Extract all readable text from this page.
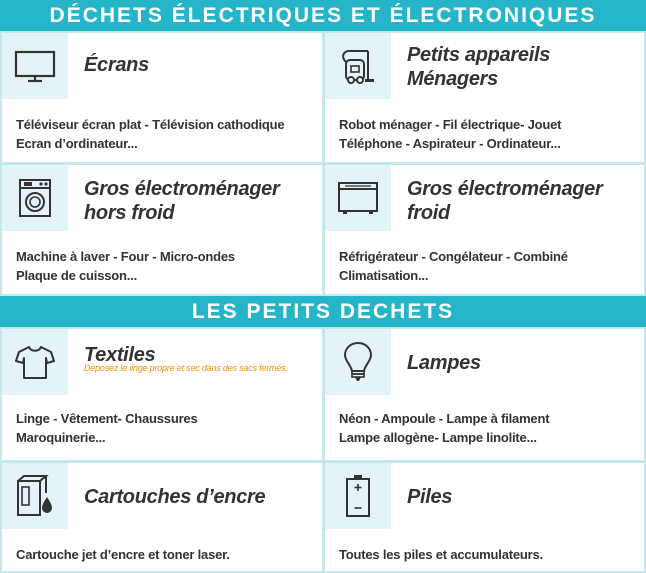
DÉCHETS ÉLECTRIQUES ET ÉLECTRONIQUES
Écrans
Téléviseur écran plat - Télévision cathodique
Ecran d’ordinateur...
Petits appareils
Ménagers
Robot ménager - Fil électrique- Jouet
Téléphone - Aspirateur - Ordinateur...
Gros électroménager
hors froid
Machine à laver - Four - Micro-ondes
Plaque de cuisson...
Gros électroménager
froid
Réfrigérateur - Congélateur - Combiné
Climatisation...
LES PETITS DECHETS
Textiles
Déposez le linge propre et sec dans des sacs fermés.
Linge - Vêtement- Chaussures
Maroquinerie...
Lampes
Néon - Ampoule - Lampe à filament
Lampe allogène- Lampe linolite...
Cartouches d’encre
Cartouche jet d’encre et toner laser.
Piles
Toutes les piles et accumulateurs.
